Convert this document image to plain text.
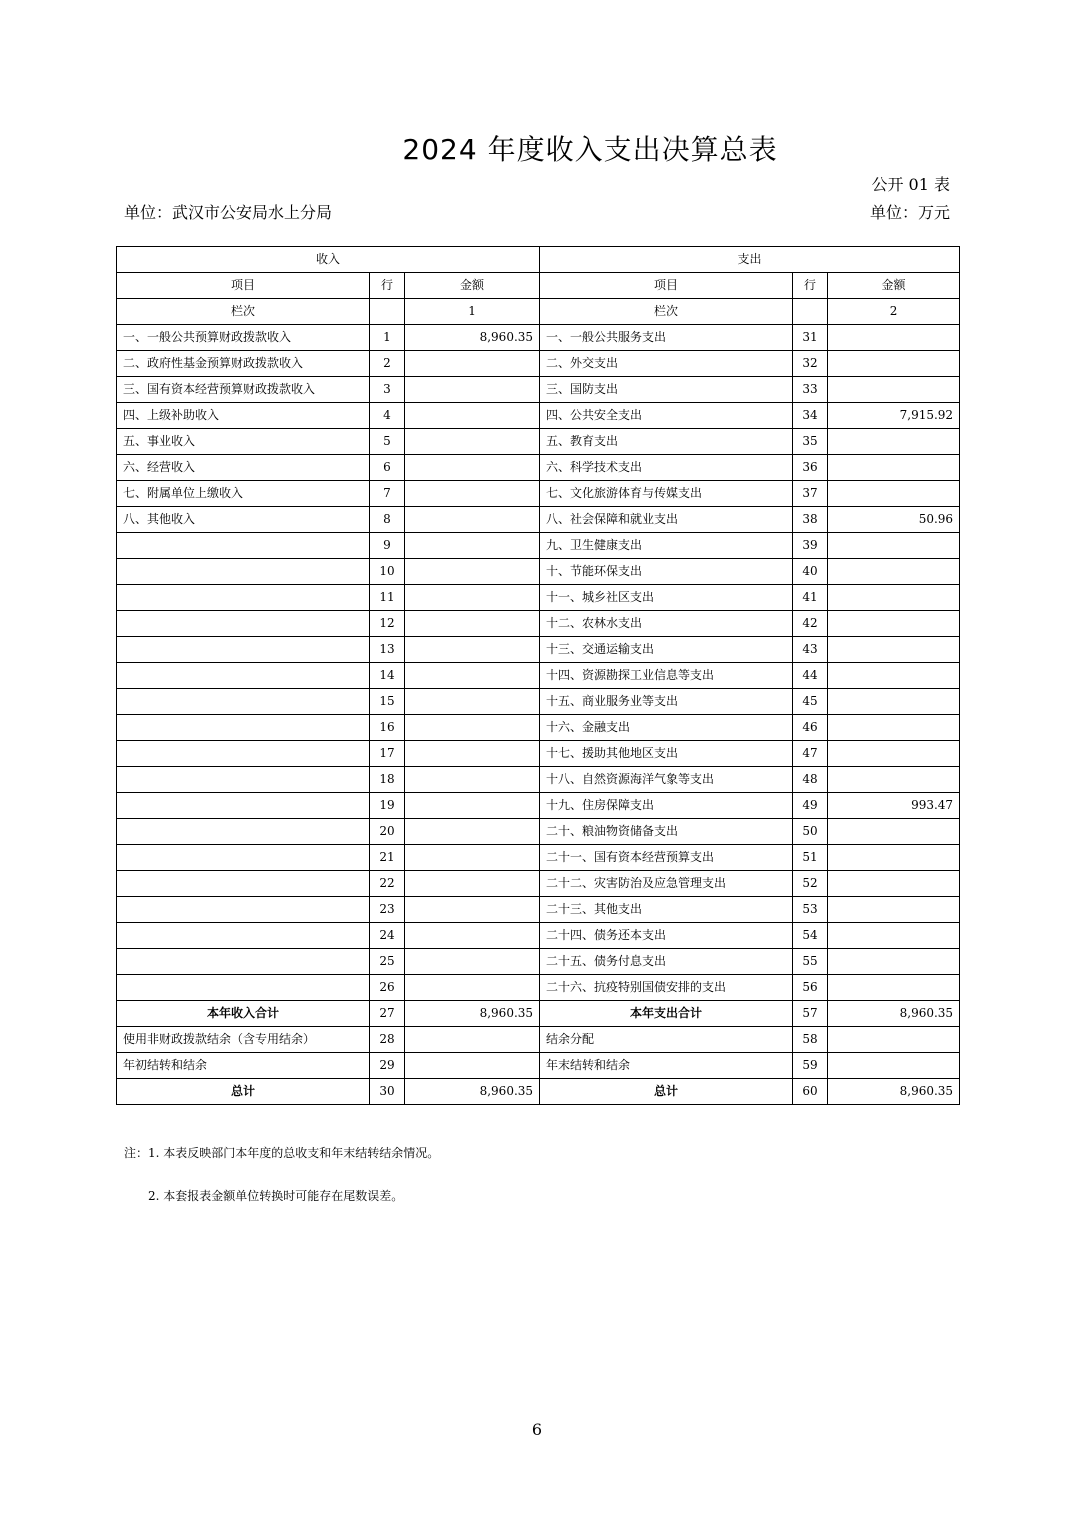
2024 年度收入支出决算总表
公开 01 表
单位：武汉市公安局水上分局	单位：万元
收入			支出		
项目	行	金额	项目	行	金额
栏次		1	栏次		2
一、一般公共预算财政拨款收入	1	8,960.35	一、一般公共服务支出	31	
二、政府性基金预算财政拨款收入	2		二、外交支出	32	
三、国有资本经营预算财政拨款收入	3		三、国防支出	33	
四、上级补助收入	4		四、公共安全支出	34	7,915.92
五、事业收入	5		五、教育支出	35	
六、经营收入	6		六、科学技术支出	36	
七、附属单位上缴收入	7		七、文化旅游体育与传媒支出	37	
八、其他收入	8		八、社会保障和就业支出	38	50.96
	9		九、卫生健康支出	39	
	10		十、节能环保支出	40	
	11		十一、城乡社区支出	41	
	12		十二、农林水支出	42	
	13		十三、交通运输支出	43	
	14		十四、资源勘探工业信息等支出	44	
	15		十五、商业服务业等支出	45	
	16		十六、金融支出	46	
	17		十七、援助其他地区支出	47	
	18		十八、自然资源海洋气象等支出	48	
	19		十九、住房保障支出	49	993.47
	20		二十、粮油物资储备支出	50	
	21		二十一、国有资本经营预算支出	51	
	22		二十二、灾害防治及应急管理支出	52	
	23		二十三、其他支出	53	
	24		二十四、债务还本支出	54	
	25		二十五、债务付息支出	55	
	26		二十六、抗疫特别国债安排的支出	56	
本年收入合计	27	8,960.35	本年支出合计	57	8,960.35
使用非财政拨款结余（含专用结余）	28		结余分配	58	
年初结转和结余	29		年末结转和结余	59	
总计	30	8,960.35	总计	60	8,960.35
注：1. 本表反映部门本年度的总收支和年末结转结余情况。
2. 本套报表金额单位转换时可能存在尾数误差。
6
